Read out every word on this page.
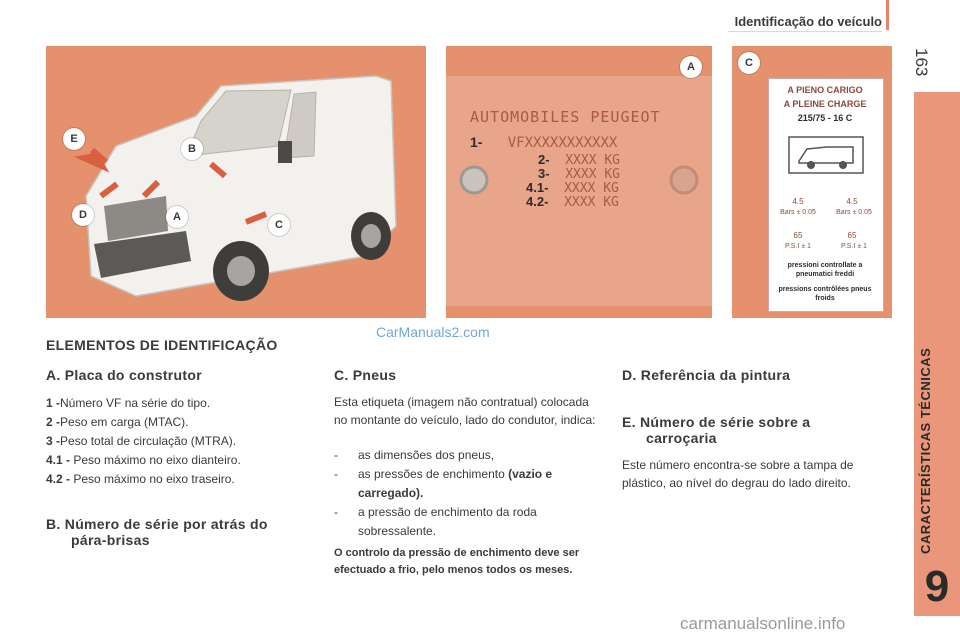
Identificação do veículo
163
CARACTERÍSTICAS TÉCNICAS
9
E
B
D	A
C
A
AUTOMOBILES PEUGEOT
1- VFXXXXXXXXXXX
2- XXXX KG
3- XXXX KG
4.1- XXXX KG
4.2- XXXX KG
C
A PIENO CARIGO
A PLEINE CHARGE
215/75 - 16 C
4.5	4.5
Bars ± 0.05	Bars ± 0.05
65	65
P.S.I ± 1	P.S.I ± 1
pressioni controllate a pneumatici freddi
pressions contrôlées pneus froids
CarManuals2.com
carmanualsonline.info
ELEMENTOS DE IDENTIFICAÇÃO
A. Placa do construtor
1 -Número VF na série do tipo.
2 -Peso em carga (MTAC).
3 -Peso total de circulação (MTRA).
4.1 - Peso máximo no eixo dianteiro.
4.2 - Peso máximo no eixo traseiro.
B. Número de série por atrás do
pára-brisas
C. Pneus
Esta etiqueta (imagem não contratual) colocada no montante do veículo, lado do condutor, indica:
- as dimensões dos pneus,
- as pressões de enchimento (vazio e carregado).
- a pressão de enchimento da roda sobressalente.
O controlo da pressão de enchimento deve ser efectuado a frio, pelo menos todos os meses.
D. Referência da pintura
E. Número de série sobre a
carroçaria
Este número encontra-se sobre a tampa de plástico, ao nível do degrau do lado direito.
